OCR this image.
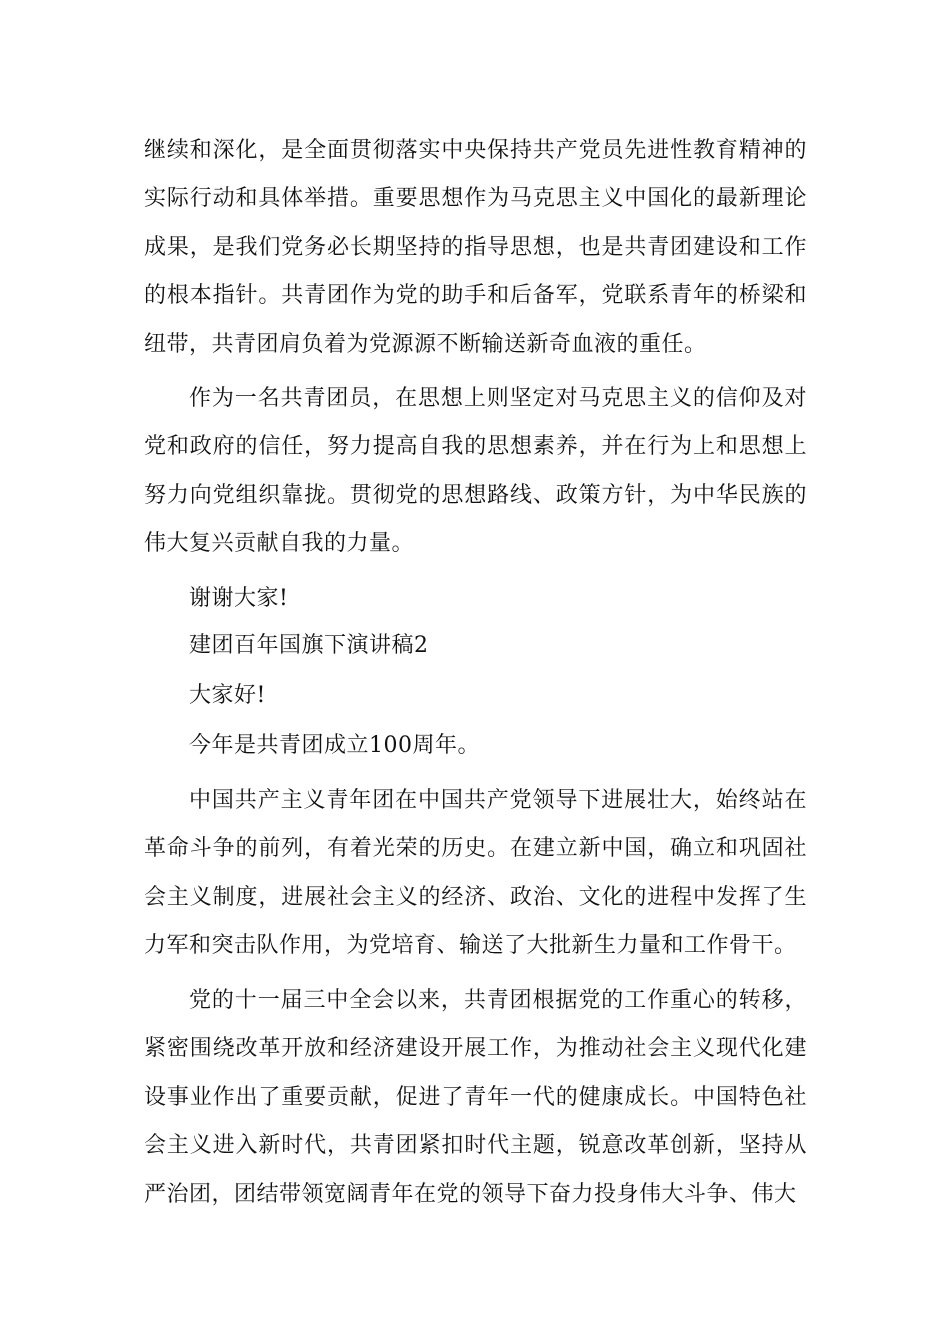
继续和深化，是全面贯彻落实中央保持共产党员先进性教育精神的实际行动和具体举措。重要思想作为马克思主义中国化的最新理论成果，是我们党务必长期坚持的指导思想，也是共青团建设和工作的根本指针。共青团作为党的助手和后备军，党联系青年的桥梁和纽带，共青团肩负着为党源源不断输送新奇血液的重任。

作为一名共青团员，在思想上则坚定对马克思主义的信仰及对党和政府的信任，努力提高自我的思想素养，并在行为上和思想上努力向党组织靠拢。贯彻党的思想路线、政策方针，为中华民族的伟大复兴贡献自我的力量。

谢谢大家!

建团百年国旗下演讲稿2

大家好!

今年是共青团成立100周年。

中国共产主义青年团在中国共产党领导下进展壮大，始终站在革命斗争的前列，有着光荣的历史。在建立新中国，确立和巩固社会主义制度，进展社会主义的经济、政治、文化的进程中发挥了生力军和突击队作用，为党培育、输送了大批新生力量和工作骨干。

党的十一届三中全会以来，共青团根据党的工作重心的转移，紧密围绕改革开放和经济建设开展工作，为推动社会主义现代化建设事业作出了重要贡献，促进了青年一代的健康成长。中国特色社会主义进入新时代，共青团紧扣时代主题，锐意改革创新，坚持从严治团，团结带领宽阔青年在党的领导下奋力投身伟大斗争、伟大
